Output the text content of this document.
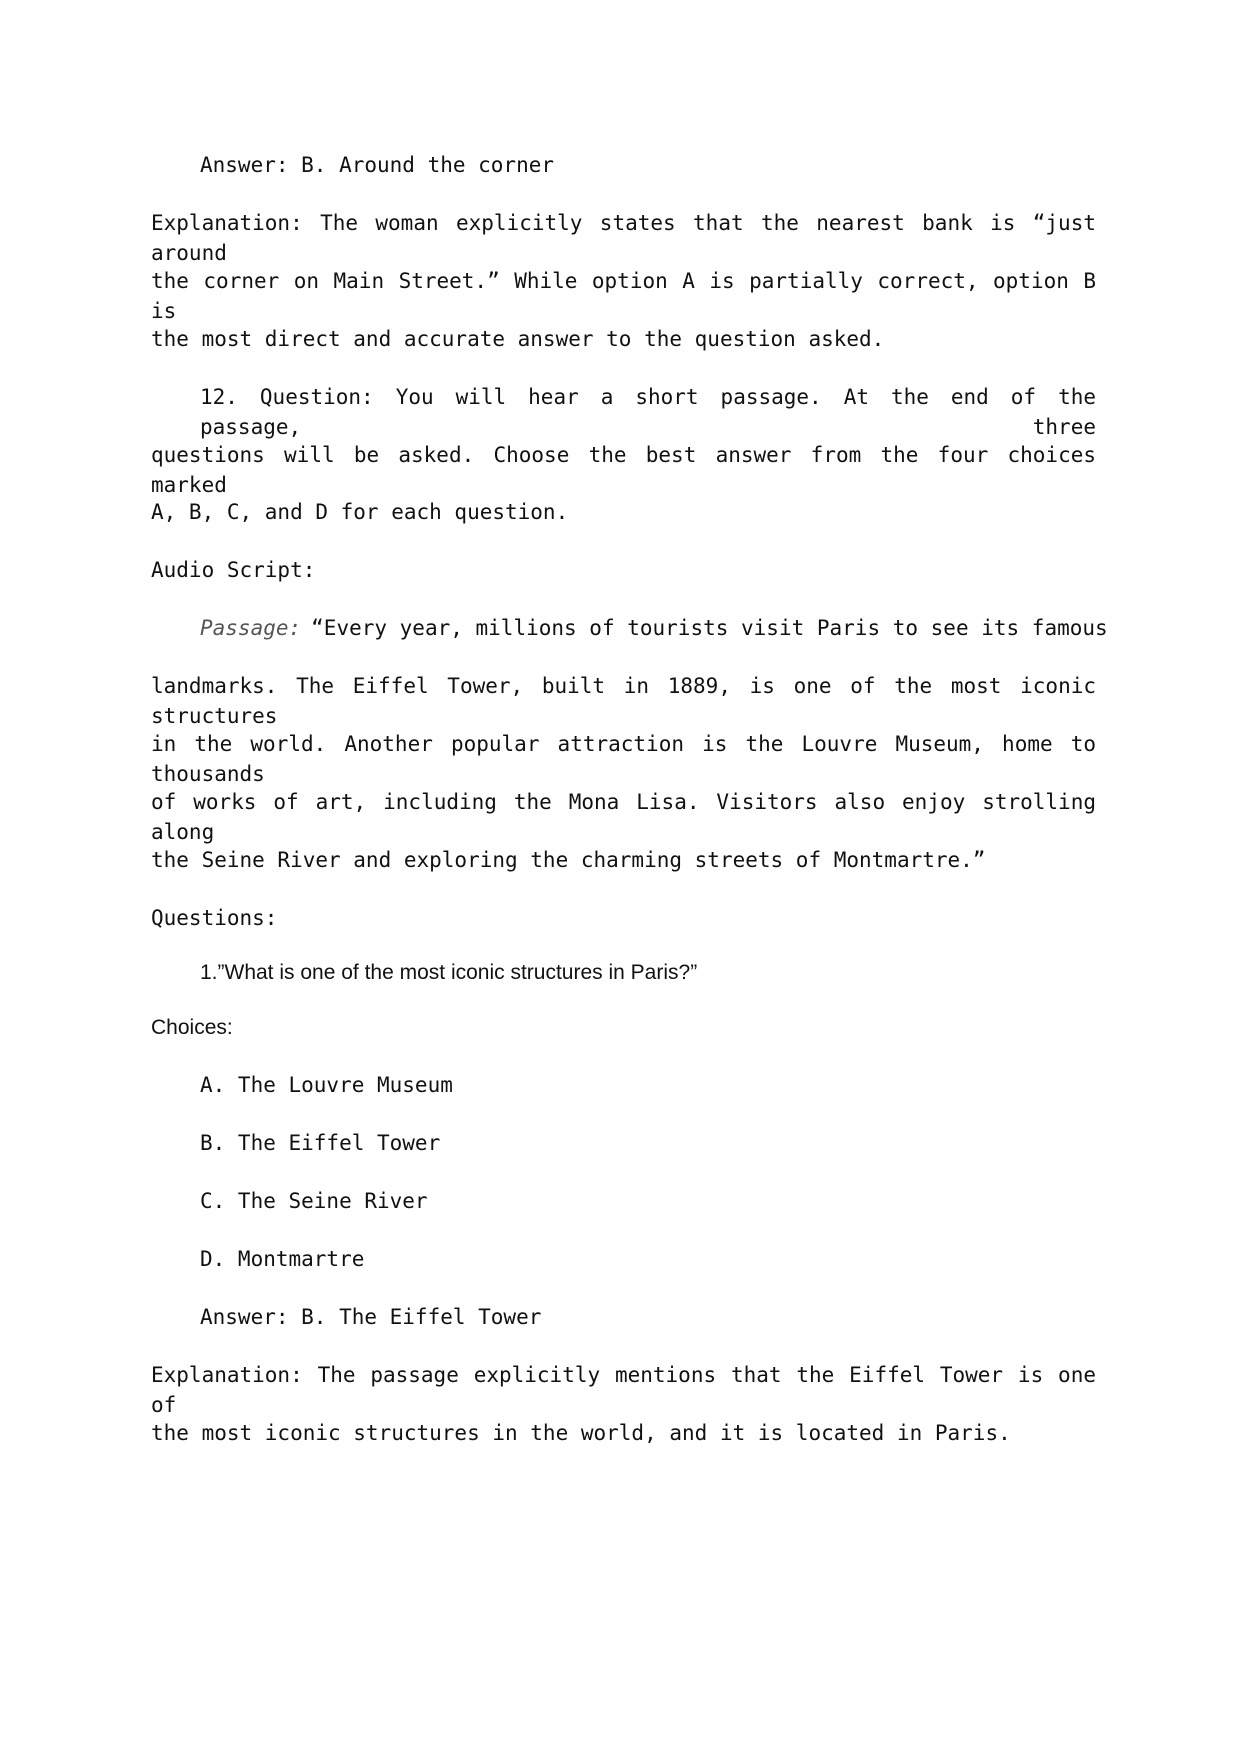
Answer: B. Around the corner
Explanation: The woman explicitly states that the nearest bank is “just around
the corner on Main Street.” While option A is partially correct, option B is
the most direct and accurate answer to the question asked.
12. Question: You will hear a short passage. At the end of the passage, three
questions will be asked. Choose the best answer from the four choices marked
A, B, C, and D for each question.
Audio Script:
Passage: “Every year, millions of tourists visit Paris to see its famous
landmarks. The Eiffel Tower, built in 1889, is one of the most iconic structures
in the world. Another popular attraction is the Louvre Museum, home to thousands
of works of art, including the Mona Lisa. Visitors also enjoy strolling along
the Seine River and exploring the charming streets of Montmartre.”
Questions:
1.”What is one of the most iconic structures in Paris?”
Choices:
A. The Louvre Museum
B. The Eiffel Tower
C. The Seine River
D. Montmartre
Answer: B. The Eiffel Tower
Explanation: The passage explicitly mentions that the Eiffel Tower is one of
the most iconic structures in the world, and it is located in Paris.
